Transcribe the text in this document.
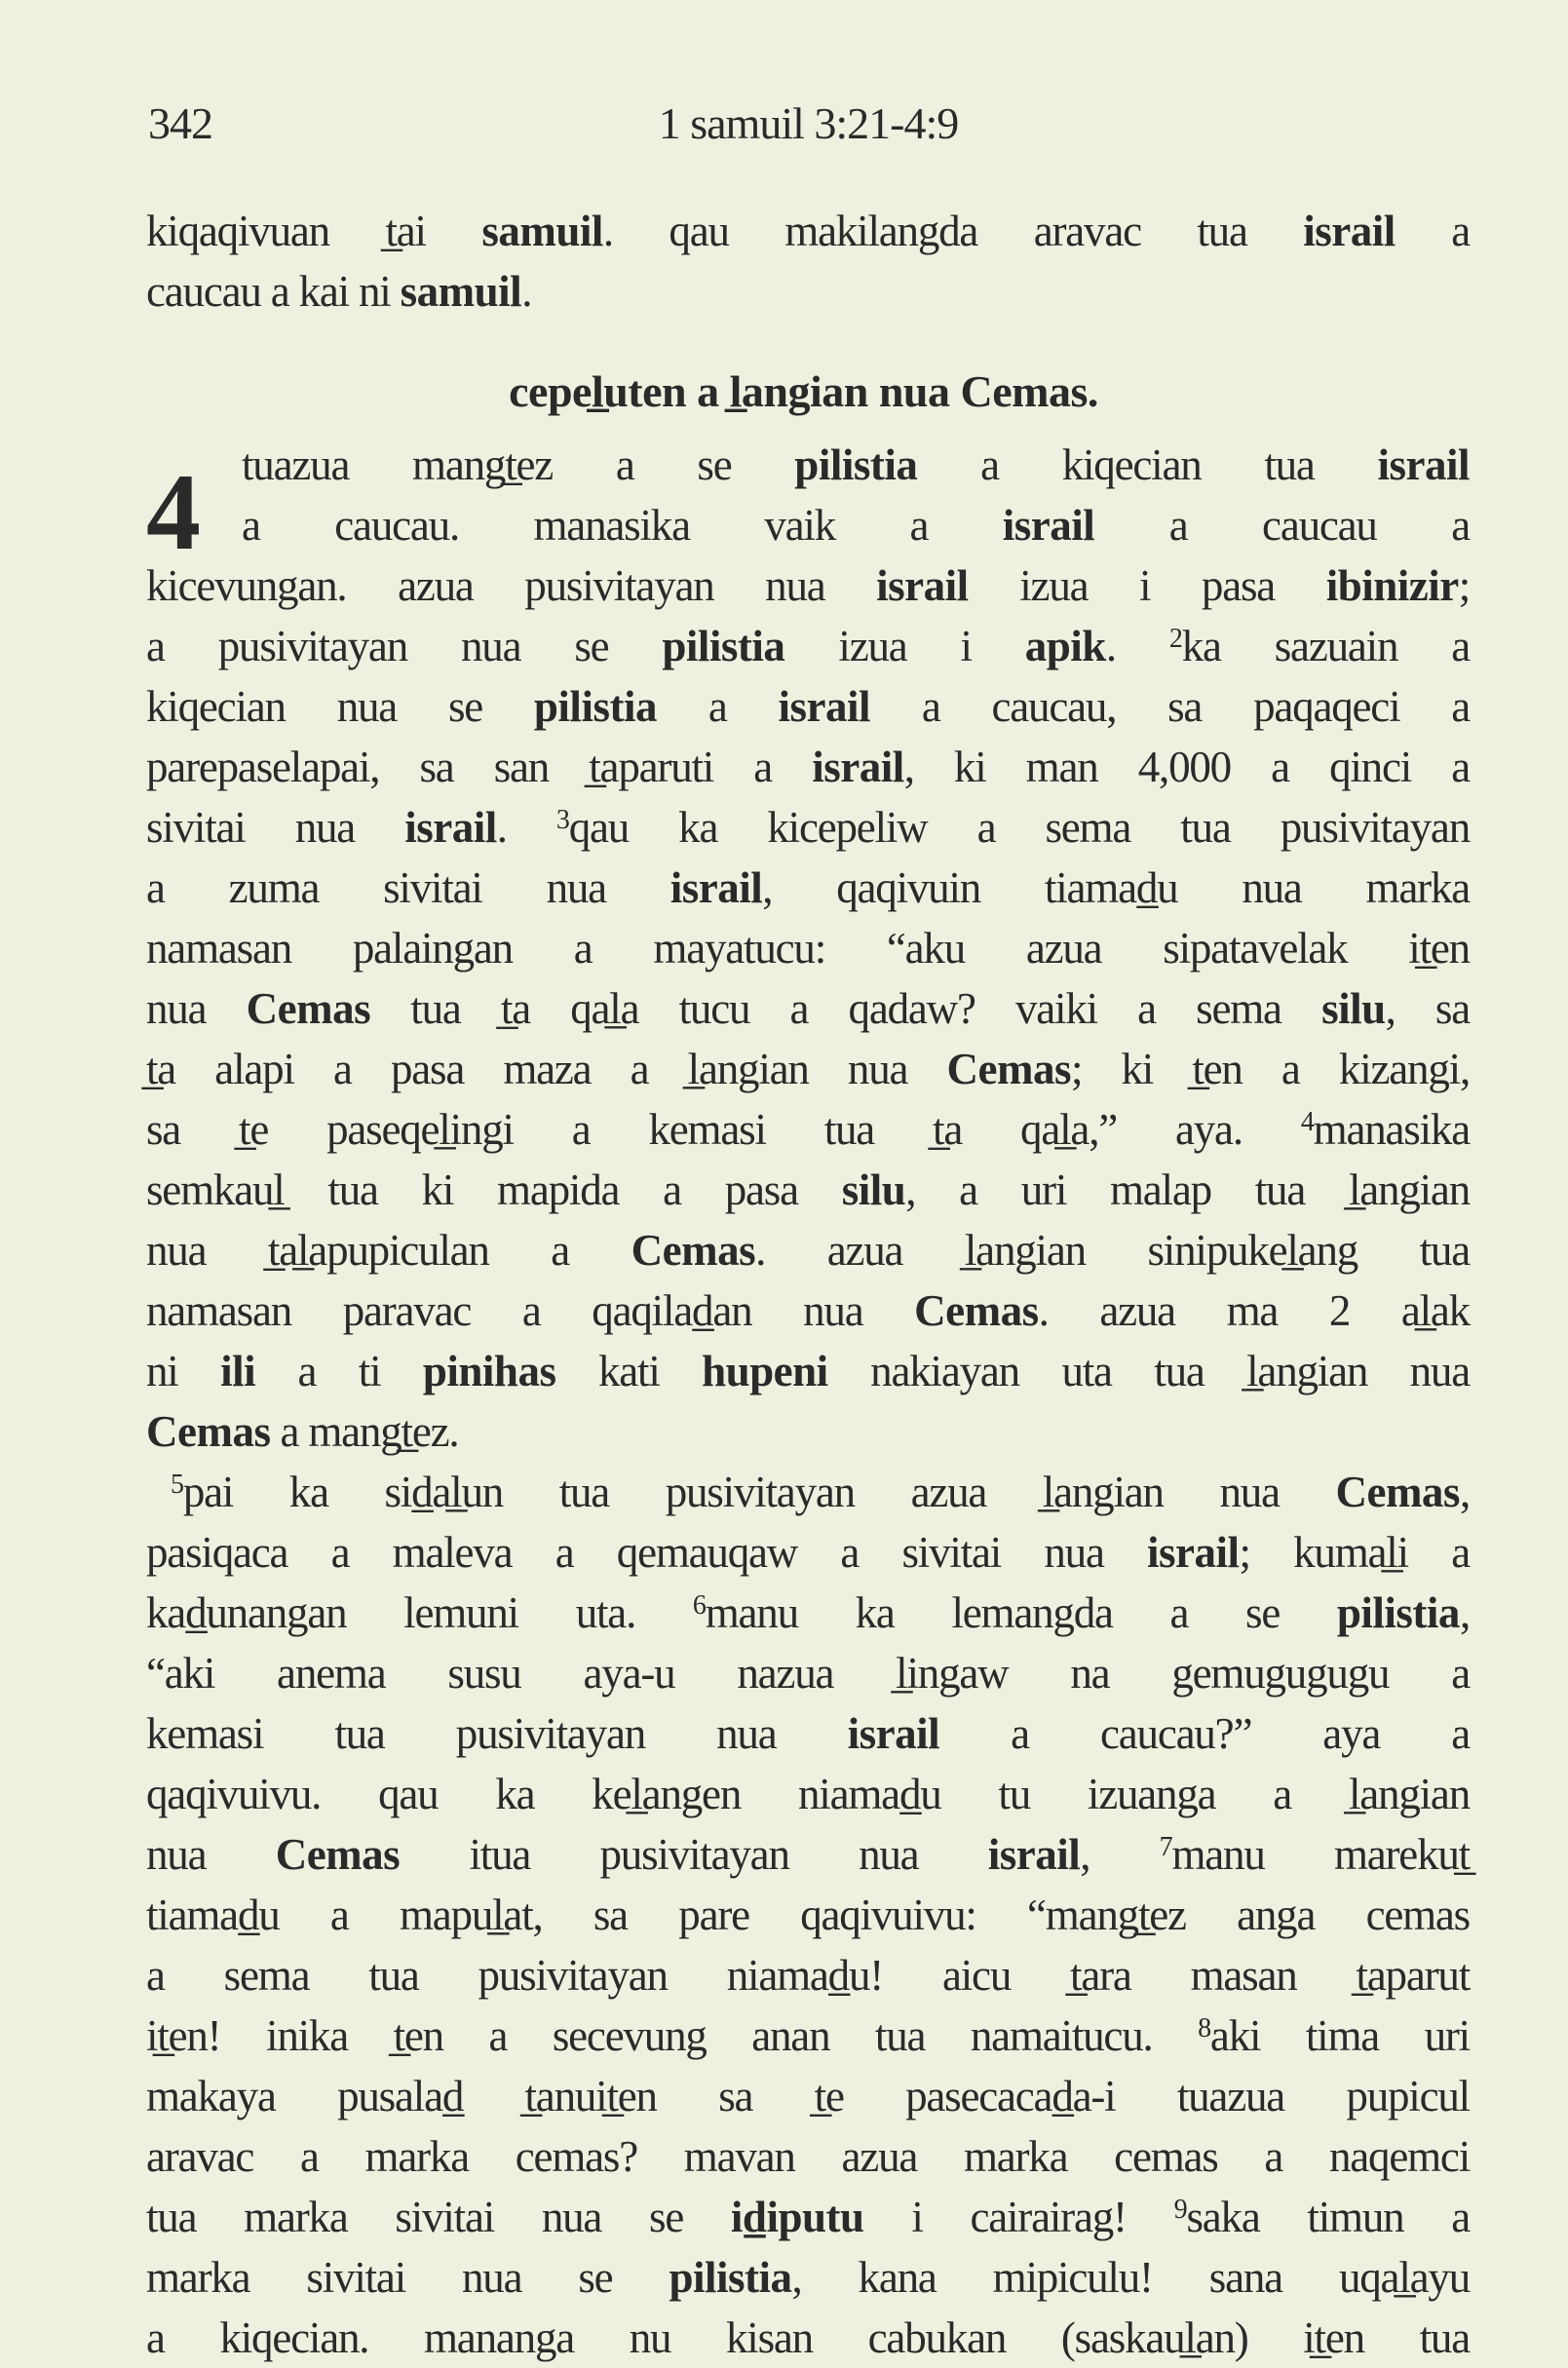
342	1 samuil 3:21-4:9
cepel̲uten a l̲angian nua Cemas.
4
kiqaqivuan t̲ai samuil. qau makilangda aravac tua israil a
caucau a kai ni samuil.
tuazua mangt̲ez a se pilistia a kiqecian tua israil
a caucau. manasika vaik a israil a caucau a
kicevungan. azua pusivitayan nua israil izua i pasa ibinizir;
a pusivitayan nua se pilistia izua i apik. $^2$ka sazuain a
kiqecian nua se pilistia a israil a caucau, sa paqaqeci a
parepaselapai, sa san t̲aparuti a israil, ki man 4,000 a qinci a
sivitai nua israil. $^3$qau ka kicepeliw a sema tua pusivitayan
a zuma sivitai nua israil, qaqivuin tiamad̲u nua marka
namasan palaingan a mayatucu: “aku azua sipatavelak it̲en
nua Cemas tua t̲a qal̲a tucu a qadaw? vaiki a sema silu, sa
t̲a alapi a pasa maza a l̲angian nua Cemas; ki t̲en a kizangi,
sa t̲e paseqel̲ingi a kemasi tua t̲a qal̲a,” aya. $^4$manasika
semkaul̲ tua ki mapida a pasa silu, a uri malap tua l̲angian
nua t̲al̲apupiculan a Cemas. azua l̲angian sinipukel̲ang tua
namasan paravac a qaqilad̲an nua Cemas. azua ma 2 al̲ak
ni ili a ti pinihas kati hupeni nakiayan uta tua l̲angian nua
Cemas a mangt̲ez.
$^5$pai ka sid̲al̲un tua pusivitayan azua l̲angian nua Cemas,
pasiqaca a maleva a qemauqaw a sivitai nua israil; kumal̲i a
kad̲unangan lemuni uta. $^6$manu ka lemangda a se pilistia,
“aki anema susu aya-u nazua l̲ingaw na gemugugugu a
kemasi tua pusivitayan nua israil a caucau?” aya a
qaqivuivu. qau ka kel̲angen niamad̲u tu izuanga a l̲angian
nua Cemas itua pusivitayan nua israil, $^7$manu marekut̲
tiamad̲u a mapul̲at, sa pare qaqivuivu: “mangt̲ez anga cemas
a sema tua pusivitayan niamad̲u! aicu t̲ara masan t̲aparut
it̲en! inika t̲en a secevung anan tua namaitucu. $^8$aki tima uri
makaya pusalad̲ t̲anuit̲en sa t̲e pasecacad̲a-i tuazua pupicul
aravac a marka cemas? mavan azua marka cemas a naqemci
tua marka sivitai nua se id̲iputu i cairairag! $^9$saka timun a
marka sivitai nua se pilistia, kana mipiculu! sana uqal̲ayu
a kiqecian. mananga nu kisan cabukan (saskaul̲an) it̲en tua
